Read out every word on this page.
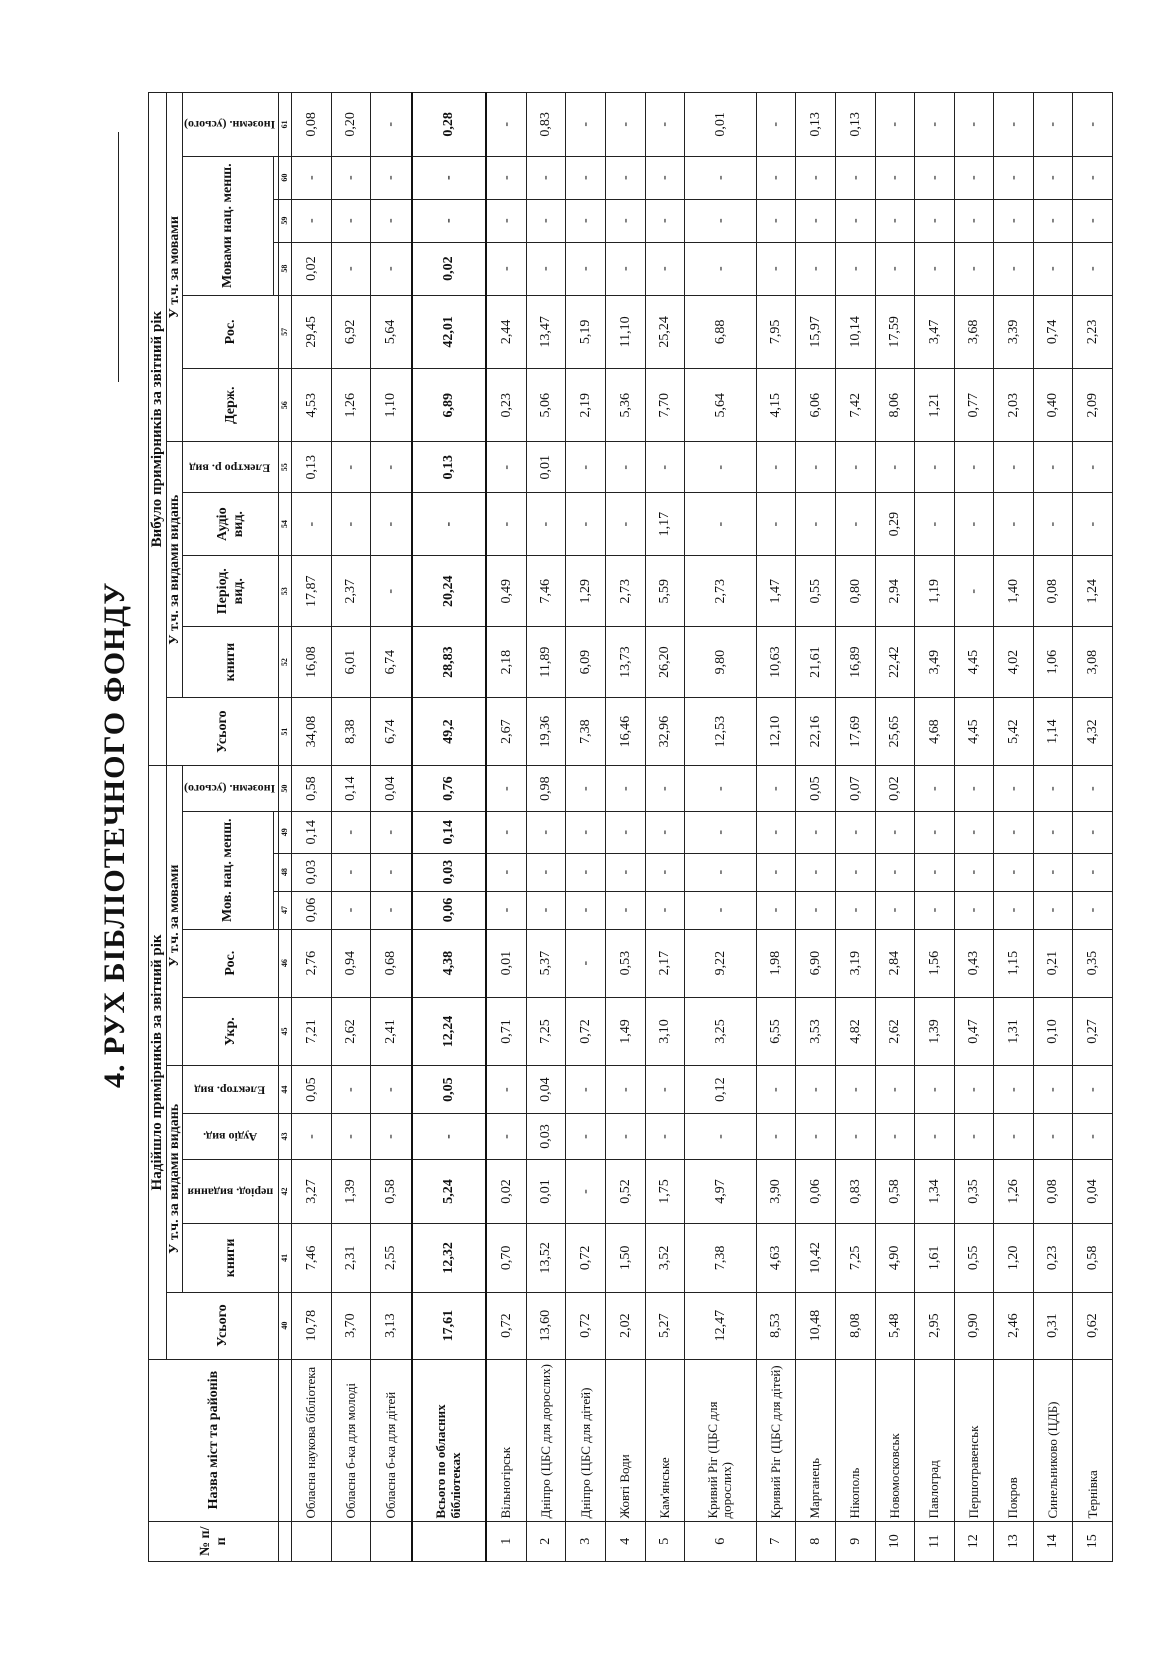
4. РУХ БІБЛІОТЕЧНОГО ФОНДУ
№ п/ п	Назва міст та районів	Надійшло примірників за звітний рік											Вибуло примірників за звітний рік										
		Усього	У т.ч. за видами видань				У т.ч. за мовами						Усього	У т.ч. за видами видань				У т.ч. за мовами					
			книги	період. видання	Аудіо вид.	Електор. вид	Укр.	Рос.	Мов. нац. менш.			Іноземн. (усього)		книги	Період. вид.	Аудіо вид.	Електро р. вид	Держ.	Рос.	Мовами нац. менш.			Іноземн. (усього)

		40	41	42	43	44	45	46	47	48	49	50	51	52	53	54	55	56	57	58	59	60	61
	Обласна наукова бібліотека	10,78	7,46	3,27	-	0,05	7,21	2,76	0,06	0,03	0,14	0,58	34,08	16,08	17,87	-	0,13	4,53	29,45	0,02	-	-	0,08
	Обласна б-ка для молоді	3,70	2,31	1,39	-	-	2,62	0,94	-	-	-	0,14	8,38	6,01	2,37	-	-	1,26	6,92	-	-	-	0,20
	Обласна б-ка для дітей	3,13	2,55	0,58	-	-	2,41	0,68	-	-	-	0,04	6,74	6,74	-	-	-	1,10	5,64	-	-	-	-
	Всього по обласних бібліотеках	17,61	12,32	5,24	-	0,05	12,24	4,38	0,06	0,03	0,14	0,76	49,2	28,83	20,24	-	0,13	6,89	42,01	0,02	-	-	0,28
1	Вільногірськ	0,72	0,70	0,02	-	-	0,71	0,01	-	-	-	-	2,67	2,18	0,49	-	-	0,23	2,44	-	-	-	-
2	Дніпро (ЦБС для дорослих)	13,60	13,52	0,01	0,03	0,04	7,25	5,37	-	-	-	0,98	19,36	11,89	7,46	-	0,01	5,06	13,47	-	-	-	0,83
3	Дніпро (ЦБС для дітей)	0,72	0,72	-	-	-	0,72	-	-	-	-	-	7,38	6,09	1,29	-	-	2,19	5,19	-	-	-	-
4	Жовті Води	2,02	1,50	0,52	-	-	1,49	0,53	-	-	-	-	16,46	13,73	2,73	-	-	5,36	11,10	-	-	-	-
5	Кам'янське	5,27	3,52	1,75	-	-	3,10	2,17	-	-	-	-	32,96	26,20	5,59	1,17	-	7,70	25,24	-	-	-	-
6	Кривий Ріг (ЦБС для дорослих)	12,47	7,38	4,97	-	0,12	3,25	9,22	-	-	-	-	12,53	9,80	2,73	-	-	5,64	6,88	-	-	-	0,01
7	Кривий Ріг (ЦБС для дітей)	8,53	4,63	3,90	-	-	6,55	1,98	-	-	-	-	12,10	10,63	1,47	-	-	4,15	7,95	-	-	-	-
8	Марганець	10,48	10,42	0,06	-	-	3,53	6,90	-	-	-	0,05	22,16	21,61	0,55	-	-	6,06	15,97	-	-	-	0,13
9	Нікополь	8,08	7,25	0,83	-	-	4,82	3,19	-	-	-	0,07	17,69	16,89	0,80	-	-	7,42	10,14	-	-	-	0,13
10	Новомосковськ	5,48	4,90	0,58	-	-	2,62	2,84	-	-	-	0,02	25,65	22,42	2,94	0,29	-	8,06	17,59	-	-	-	-
11	Павлоград	2,95	1,61	1,34	-	-	1,39	1,56	-	-	-	-	4,68	3,49	1,19	-	-	1,21	3,47	-	-	-	-
12	Першотравенськ	0,90	0,55	0,35	-	-	0,47	0,43	-	-	-	-	4,45	4,45	-	-	-	0,77	3,68	-	-	-	-
13	Покров	2,46	1,20	1,26	-	-	1,31	1,15	-	-	-	-	5,42	4,02	1,40	-	-	2,03	3,39	-	-	-	-
14	Синельниково (ЦДБ)	0,31	0,23	0,08	-	-	0,10	0,21	-	-	-	-	1,14	1,06	0,08	-	-	0,40	0,74	-	-	-	-
15	Тернівка	0,62	0,58	0,04	-	-	0,27	0,35	-	-	-	-	4,32	3,08	1,24	-	-	2,09	2,23	-	-	-	-
